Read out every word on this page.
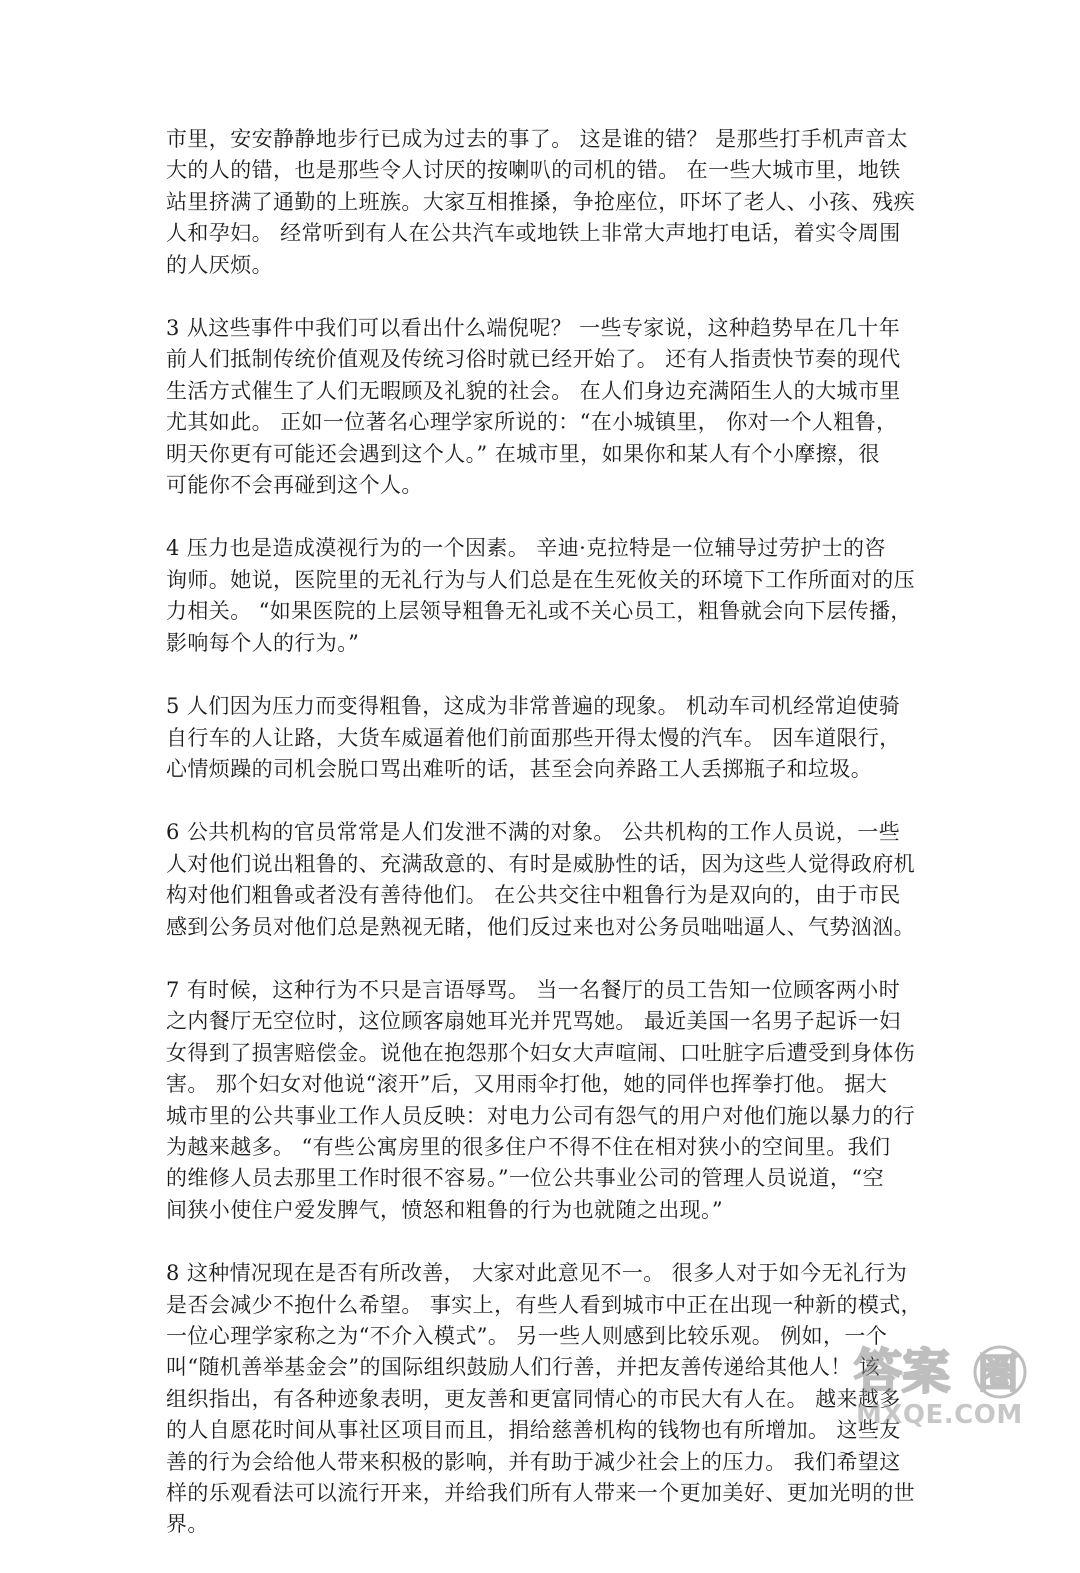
市里，安安静静地步行已成为过去的事了。 这是谁的错？ 是那些打手机声音太
大的人的错，也是那些令人讨厌的按喇叭的司机的错。 在一些大城市里，地铁
站里挤满了通勤的上班族。大家互相推搡，争抢座位，吓坏了老人、小孩、残疾
人和孕妇。 经常听到有人在公共汽车或地铁上非常大声地打电话，着实令周围
的人厌烦。

3 从这些事件中我们可以看出什么端倪呢？ 一些专家说，这种趋势早在几十年
前人们抵制传统价值观及传统习俗时就已经开始了。 还有人指责快节奏的现代
生活方式催生了人们无暇顾及礼貌的社会。 在人们身边充满陌生人的大城市里
尤其如此。 正如一位著名心理学家所说的：“在小城镇里， 你对一个人粗鲁，
明天你更有可能还会遇到这个人。” 在城市里，如果你和某人有个小摩擦，很
可能你不会再碰到这个人。

4 压力也是造成漠视行为的一个因素。 辛迪·克拉特是一位辅导过劳护士的咨
询师。她说，医院里的无礼行为与人们总是在生死攸关的环境下工作所面对的压
力相关。 “如果医院的上层领导粗鲁无礼或不关心员工，粗鲁就会向下层传播，
影响每个人的行为。”

5 人们因为压力而变得粗鲁，这成为非常普遍的现象。 机动车司机经常迫使骑
自行车的人让路，大货车威逼着他们前面那些开得太慢的汽车。 因车道限行，
心情烦躁的司机会脱口骂出难听的话，甚至会向养路工人丢掷瓶子和垃圾。

6 公共机构的官员常常是人们发泄不满的对象。 公共机构的工作人员说，一些
人对他们说出粗鲁的、充满敌意的、有时是威胁性的话，因为这些人觉得政府机
构对他们粗鲁或者没有善待他们。 在公共交往中粗鲁行为是双向的，由于市民
感到公务员对他们总是熟视无睹，他们反过来也对公务员咄咄逼人、气势汹汹。

7 有时候，这种行为不只是言语辱骂。 当一名餐厅的员工告知一位顾客两小时
之内餐厅无空位时，这位顾客扇她耳光并咒骂她。 最近美国一名男子起诉一妇
女得到了损害赔偿金。说他在抱怨那个妇女大声喧闹、口吐脏字后遭受到身体伤
害。 那个妇女对他说“滚开”后，又用雨伞打他，她的同伴也挥拳打他。 据大
城市里的公共事业工作人员反映：对电力公司有怨气的用户对他们施以暴力的行
为越来越多。 “有些公寓房里的很多住户不得不住在相对狭小的空间里。我们
的维修人员去那里工作时很不容易。”一位公共事业公司的管理人员说道，“空
间狭小使住户爱发脾气，愤怒和粗鲁的行为也就随之出现。”

8 这种情况现在是否有所改善， 大家对此意见不一。 很多人对于如今无礼行为
是否会减少不抱什么希望。 事实上，有些人看到城市中正在出现一种新的模式，
一位心理学家称之为“不介入模式”。 另一些人则感到比较乐观。 例如，一个
叫“随机善举基金会”的国际组织鼓励人们行善，并把友善传递给其他人！ 该
组织指出，有各种迹象表明，更友善和更富同情心的市民大有人在。 越来越多
的人自愿花时间从事社区项目而且，捐给慈善机构的钱物也有所增加。 这些友
善的行为会给他人带来积极的影响，并有助于减少社会上的压力。 我们希望这
样的乐观看法可以流行开来，并给我们所有人带来一个更加美好、更加光明的世
界。

答案 圈
MXQE.COM
